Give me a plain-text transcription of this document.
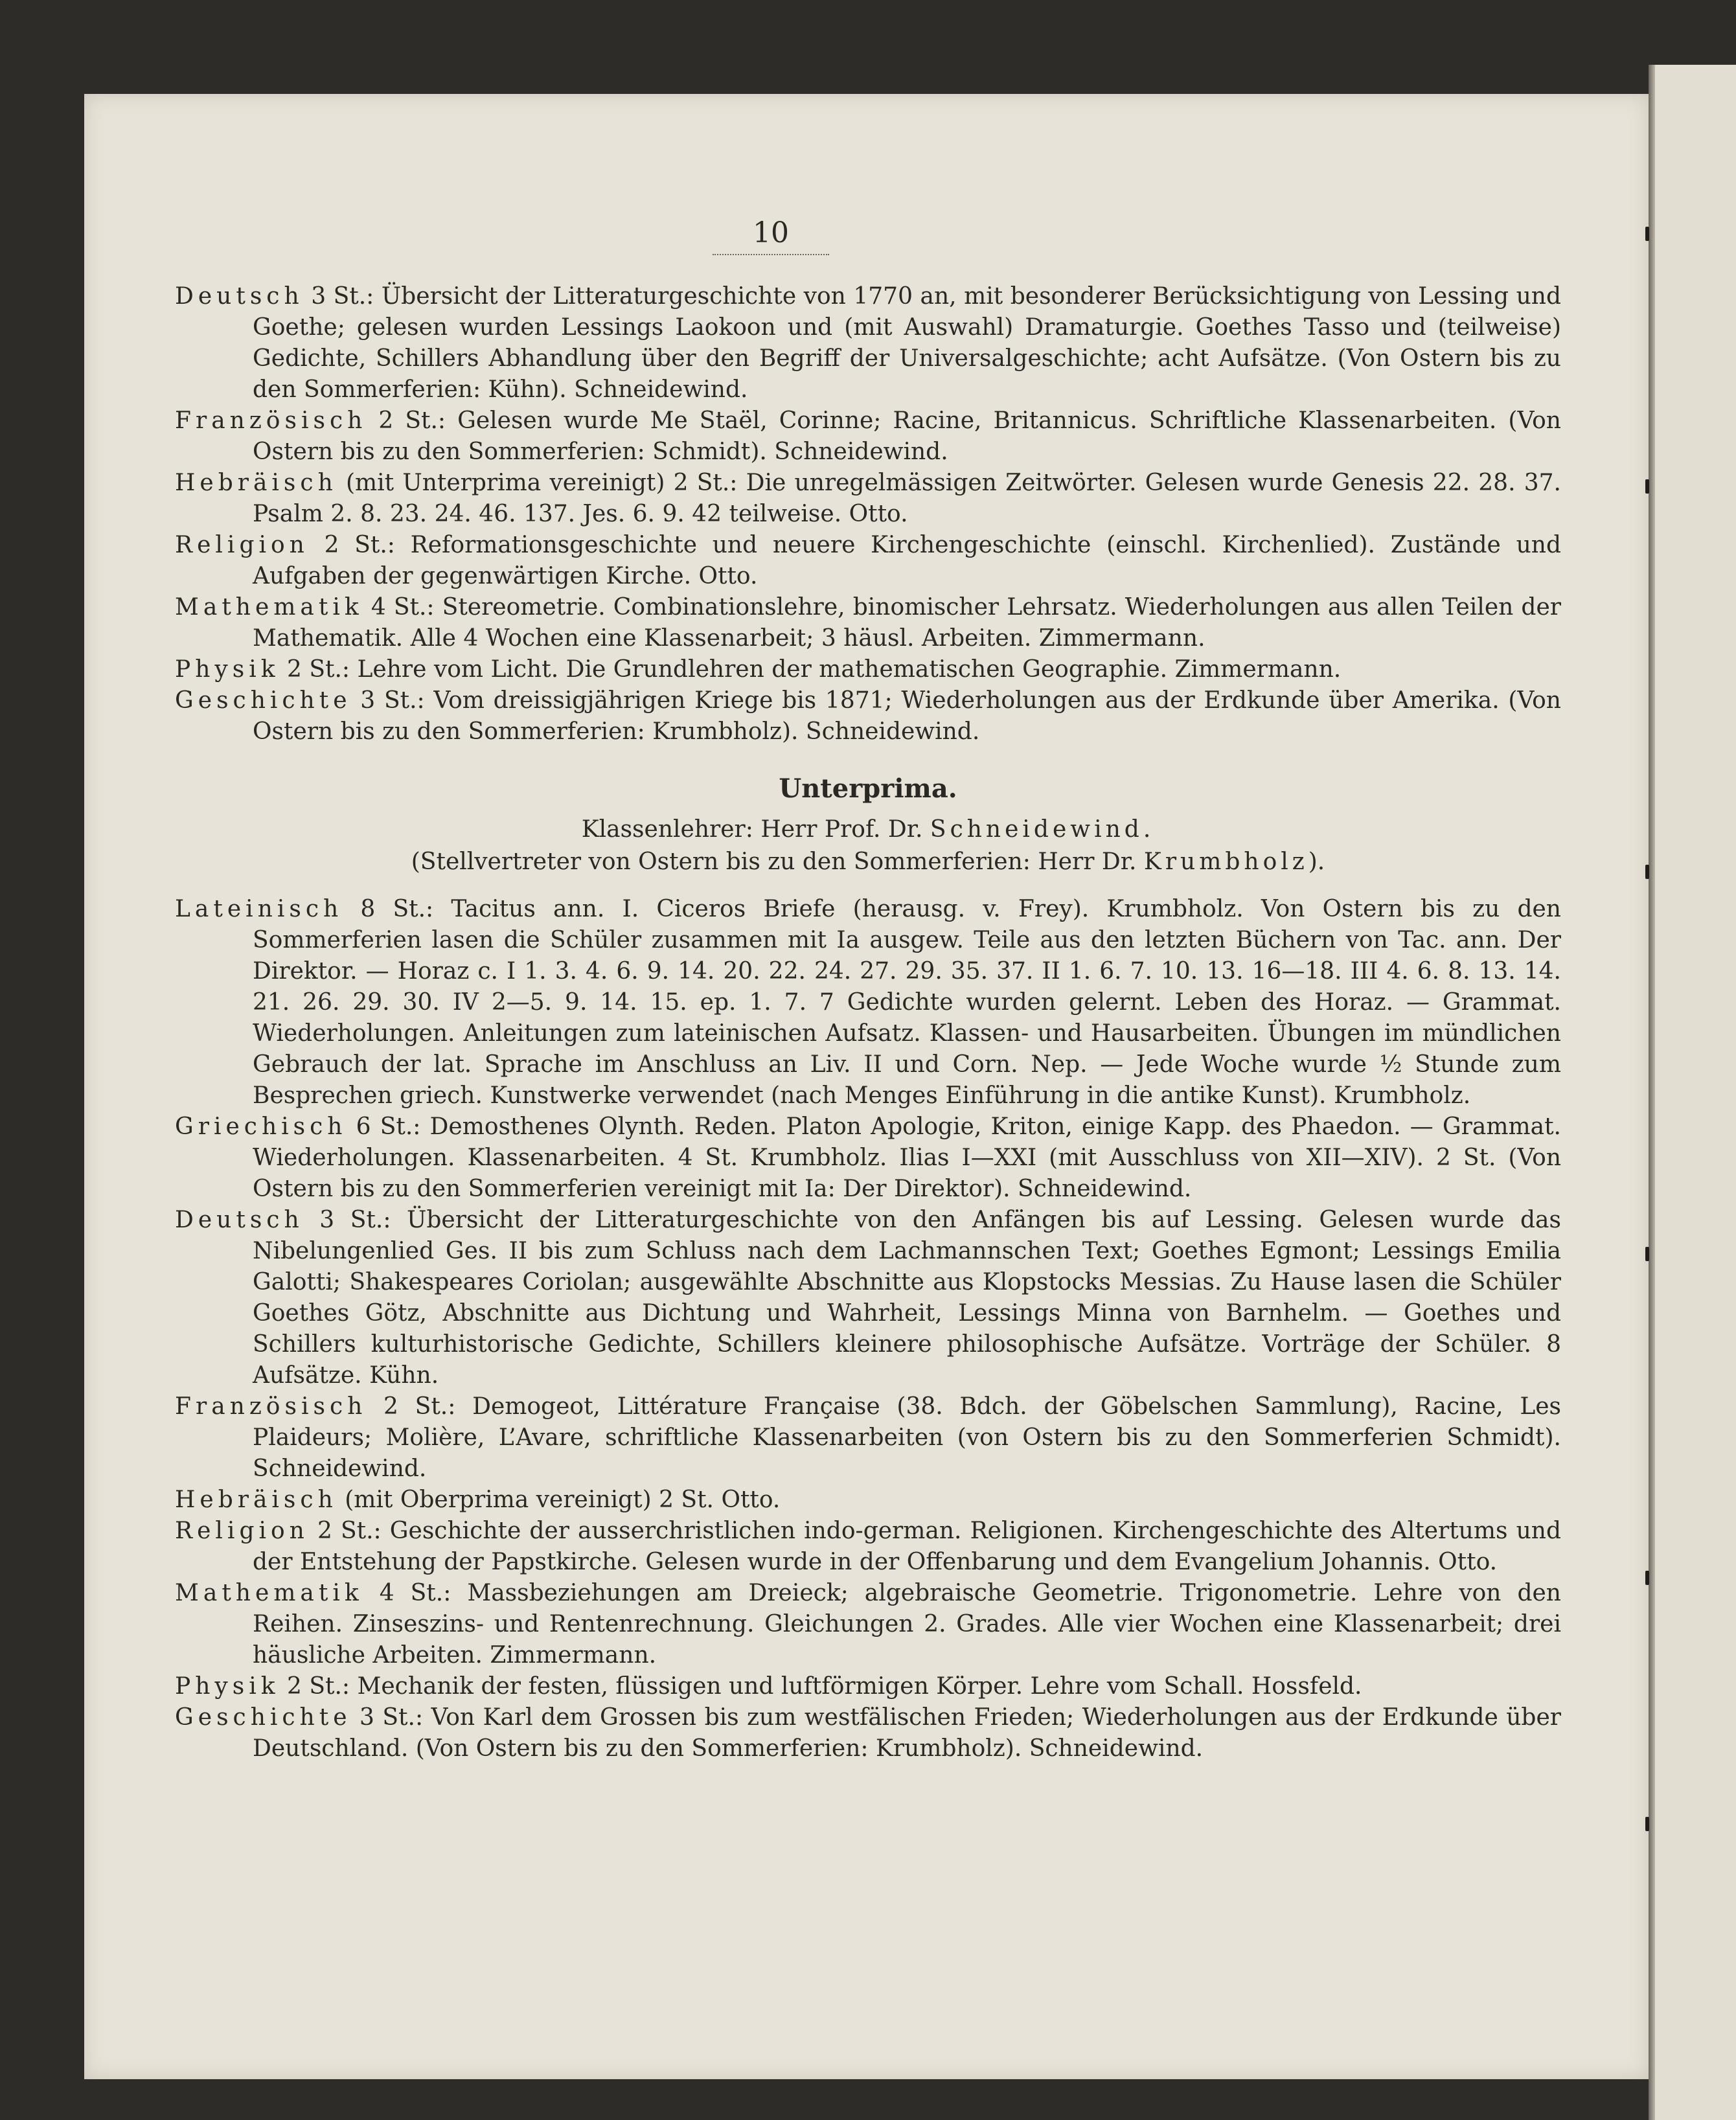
10

Deutsch 3 St.: Übersicht der Litteraturgeschichte von 1770 an, mit besonderer Berücksichtigung von Lessing und Goethe; gelesen wurden Lessings Laokoon und (mit Auswahl) Dramaturgie. Goethes Tasso und (teilweise) Gedichte, Schillers Abhandlung über den Begriff der Universalgeschichte; acht Aufsätze. (Von Ostern bis zu den Sommerferien: Kühn). Schneidewind.

Französisch 2 St.: Gelesen wurde Me Staël, Corinne; Racine, Britannicus. Schriftliche Klassenarbeiten. (Von Ostern bis zu den Sommerferien: Schmidt). Schneidewind.

Hebräisch (mit Unterprima vereinigt) 2 St.: Die unregelmässigen Zeitwörter. Gelesen wurde Genesis 22. 28. 37. Psalm 2. 8. 23. 24. 46. 137. Jes. 6. 9. 42 teilweise. Otto.

Religion 2 St.: Reformationsgeschichte und neuere Kirchengeschichte (einschl. Kirchenlied). Zustände und Aufgaben der gegenwärtigen Kirche. Otto.

Mathematik 4 St.: Stereometrie. Combinationslehre, binomischer Lehrsatz. Wiederholungen aus allen Teilen der Mathematik. Alle 4 Wochen eine Klassenarbeit; 3 häusl. Arbeiten. Zimmermann.

Physik 2 St.: Lehre vom Licht. Die Grundlehren der mathematischen Geographie. Zimmermann.

Geschichte 3 St.: Vom dreissigjährigen Kriege bis 1871; Wiederholungen aus der Erdkunde über Amerika. (Von Ostern bis zu den Sommerferien: Krumbholz). Schneidewind.

Unterprima.
Klassenlehrer: Herr Prof. Dr. Schneidewind.
(Stellvertreter von Ostern bis zu den Sommerferien: Herr Dr. Krumbholz).

Lateinisch 8 St.: Tacitus ann. I. Ciceros Briefe (herausg. v. Frey). Krumbholz. Von Ostern bis zu den Sommerferien lasen die Schüler zusammen mit Ia ausgew. Teile aus den letzten Büchern von Tac. ann. Der Direktor. — Horaz c. I 1. 3. 4. 6. 9. 14. 20. 22. 24. 27. 29. 35. 37. II 1. 6. 7. 10. 13. 16—18. III 4. 6. 8. 13. 14. 21. 26. 29. 30. IV 2—5. 9. 14. 15. ep. 1. 7. 7 Gedichte wurden gelernt. Leben des Horaz. — Grammat. Wiederholungen. Anleitungen zum lateinischen Aufsatz. Klassen- und Hausarbeiten. Übungen im mündlichen Gebrauch der lat. Sprache im Anschluss an Liv. II und Corn. Nep. — Jede Woche wurde ½ Stunde zum Besprechen griech. Kunstwerke verwendet (nach Menges Einführung in die antike Kunst). Krumbholz.

Griechisch 6 St.: Demosthenes Olynth. Reden. Platon Apologie, Kriton, einige Kapp. des Phaedon. — Grammat. Wiederholungen. Klassenarbeiten. 4 St. Krumbholz. Ilias I—XXI (mit Ausschluss von XII—XIV). 2 St. (Von Ostern bis zu den Sommerferien vereinigt mit Ia: Der Direktor). Schneidewind.

Deutsch 3 St.: Übersicht der Litteraturgeschichte von den Anfängen bis auf Lessing. Gelesen wurde das Nibelungenlied Ges. II bis zum Schluss nach dem Lachmannschen Text; Goethes Egmont; Lessings Emilia Galotti; Shakespeares Coriolan; ausgewählte Abschnitte aus Klopstocks Messias. Zu Hause lasen die Schüler Goethes Götz, Abschnitte aus Dichtung und Wahrheit, Lessings Minna von Barnhelm. — Goethes und Schillers kulturhistorische Gedichte, Schillers kleinere philosophische Aufsätze. Vorträge der Schüler. 8 Aufsätze. Kühn.

Französisch 2 St.: Demogeot, Littérature Française (38. Bdch. der Göbelschen Sammlung), Racine, Les Plaideurs; Molière, L’Avare, schriftliche Klassenarbeiten (von Ostern bis zu den Sommerferien Schmidt). Schneidewind.

Hebräisch (mit Oberprima vereinigt) 2 St. Otto.

Religion 2 St.: Geschichte der ausserchristlichen indo-german. Religionen. Kirchengeschichte des Altertums und der Entstehung der Papstkirche. Gelesen wurde in der Offenbarung und dem Evangelium Johannis. Otto.

Mathematik 4 St.: Massbeziehungen am Dreieck; algebraische Geometrie. Trigonometrie. Lehre von den Reihen. Zinseszins- und Rentenrechnung. Gleichungen 2. Grades. Alle vier Wochen eine Klassenarbeit; drei häusliche Arbeiten. Zimmermann.

Physik 2 St.: Mechanik der festen, flüssigen und luftförmigen Körper. Lehre vom Schall. Hossfeld.

Geschichte 3 St.: Von Karl dem Grossen bis zum westfälischen Frieden; Wiederholungen aus der Erdkunde über Deutschland. (Von Ostern bis zu den Sommerferien: Krumbholz). Schneidewind.
